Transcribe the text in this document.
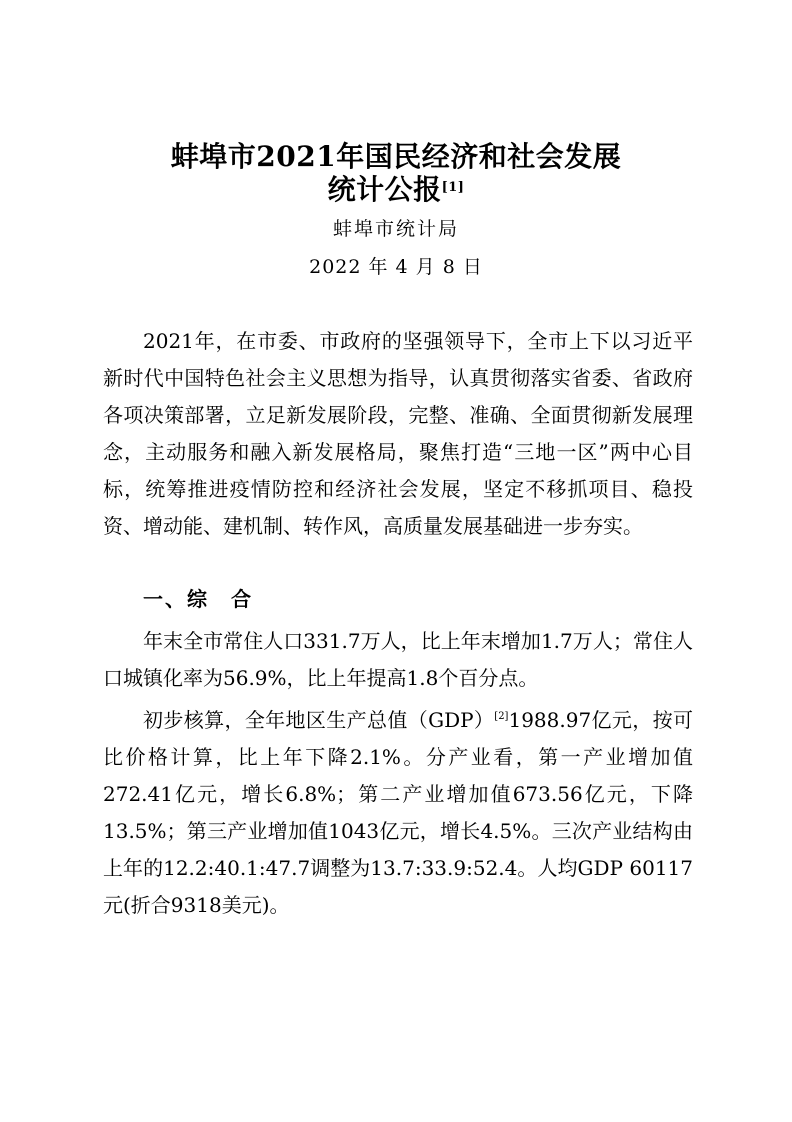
蚌埠市2021年国民经济和社会发展
统计公报[1]
蚌埠市统计局
2022 年 4 月 8 日

2021年，在市委、市政府的坚强领导下，全市上下以习近平新时代中国特色社会主义思想为指导，认真贯彻落实省委、省政府各项决策部署，立足新发展阶段，完整、准确、全面贯彻新发展理念，主动服务和融入新发展格局，聚焦打造“三地一区”两中心目标，统筹推进疫情防控和经济社会发展，坚定不移抓项目、稳投资、增动能、建机制、转作风，高质量发展基础进一步夯实。

一、综　合

年末全市常住人口331.7万人，比上年末增加1.7万人；常住人口城镇化率为56.9%，比上年提高1.8个百分点。

初步核算，全年地区生产总值（GDP）[2]1988.97亿元，按可比价格计算，比上年下降2.1%。分产业看，第一产业增加值272.41亿元，增长6.8%；第二产业增加值673.56亿元，下降13.5%；第三产业增加值1043亿元，增长4.5%。三次产业结构由上年的12.2:40.1:47.7调整为13.7:33.9:52.4。人均GDP 60117元(折合9318美元)。
